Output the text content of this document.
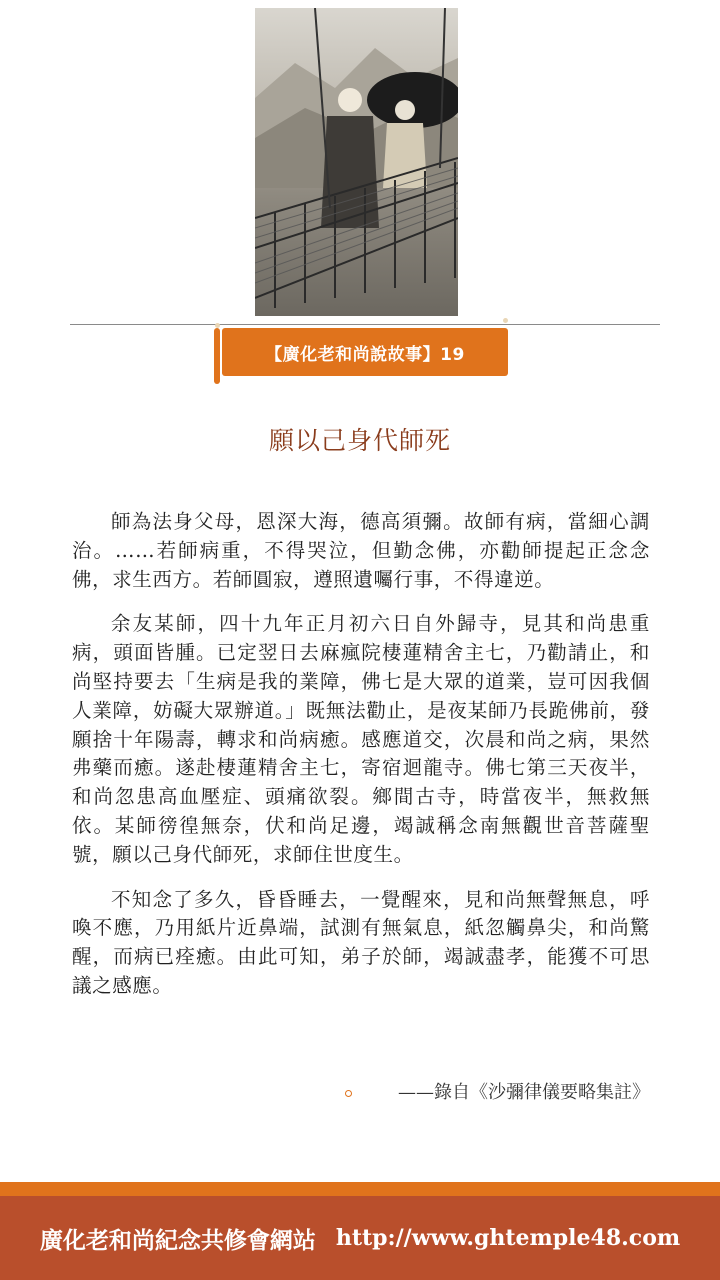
【廣化老和尚說故事】19
願以己身代師死

師為法身父母，恩深大海，德高須彌。故師有病，當細心調治。……若師病重，不得哭泣，但勤念佛，亦勸師提起正念念佛，求生西方。若師圓寂，遵照遺囑行事，不得違逆。

余友某師，四十九年正月初六日自外歸寺，見其和尚患重病，頭面皆腫。已定翌日去麻瘋院棲蓮精舍主七，乃勸請止，和尚堅持要去「生病是我的業障，佛七是大眾的道業，豈可因我個人業障，妨礙大眾辦道。」既無法勸止，是夜某師乃長跪佛前，發願捨十年陽壽，轉求和尚病癒。感應道交，次晨和尚之病，果然弗藥而癒。遂赴棲蓮精舍主七，寄宿迴龍寺。佛七第三天夜半，和尚忽患高血壓症、頭痛欲裂。鄉間古寺，時當夜半，無救無依。某師徬徨無奈，伏和尚足邊，竭誠稱念南無觀世音菩薩聖號，願以己身代師死，求師住世度生。

不知念了多久，昏昏睡去，一覺醒來，見和尚無聲無息，呼喚不應，乃用紙片近鼻端，試測有無氣息，紙忽觸鼻尖，和尚驚醒，而病已痊癒。由此可知，弟子於師，竭誠盡孝，能獲不可思議之感應。

——錄自《沙彌律儀要略集註》
廣化老和尚紀念共修會網站 http://www.ghtemple48.com
